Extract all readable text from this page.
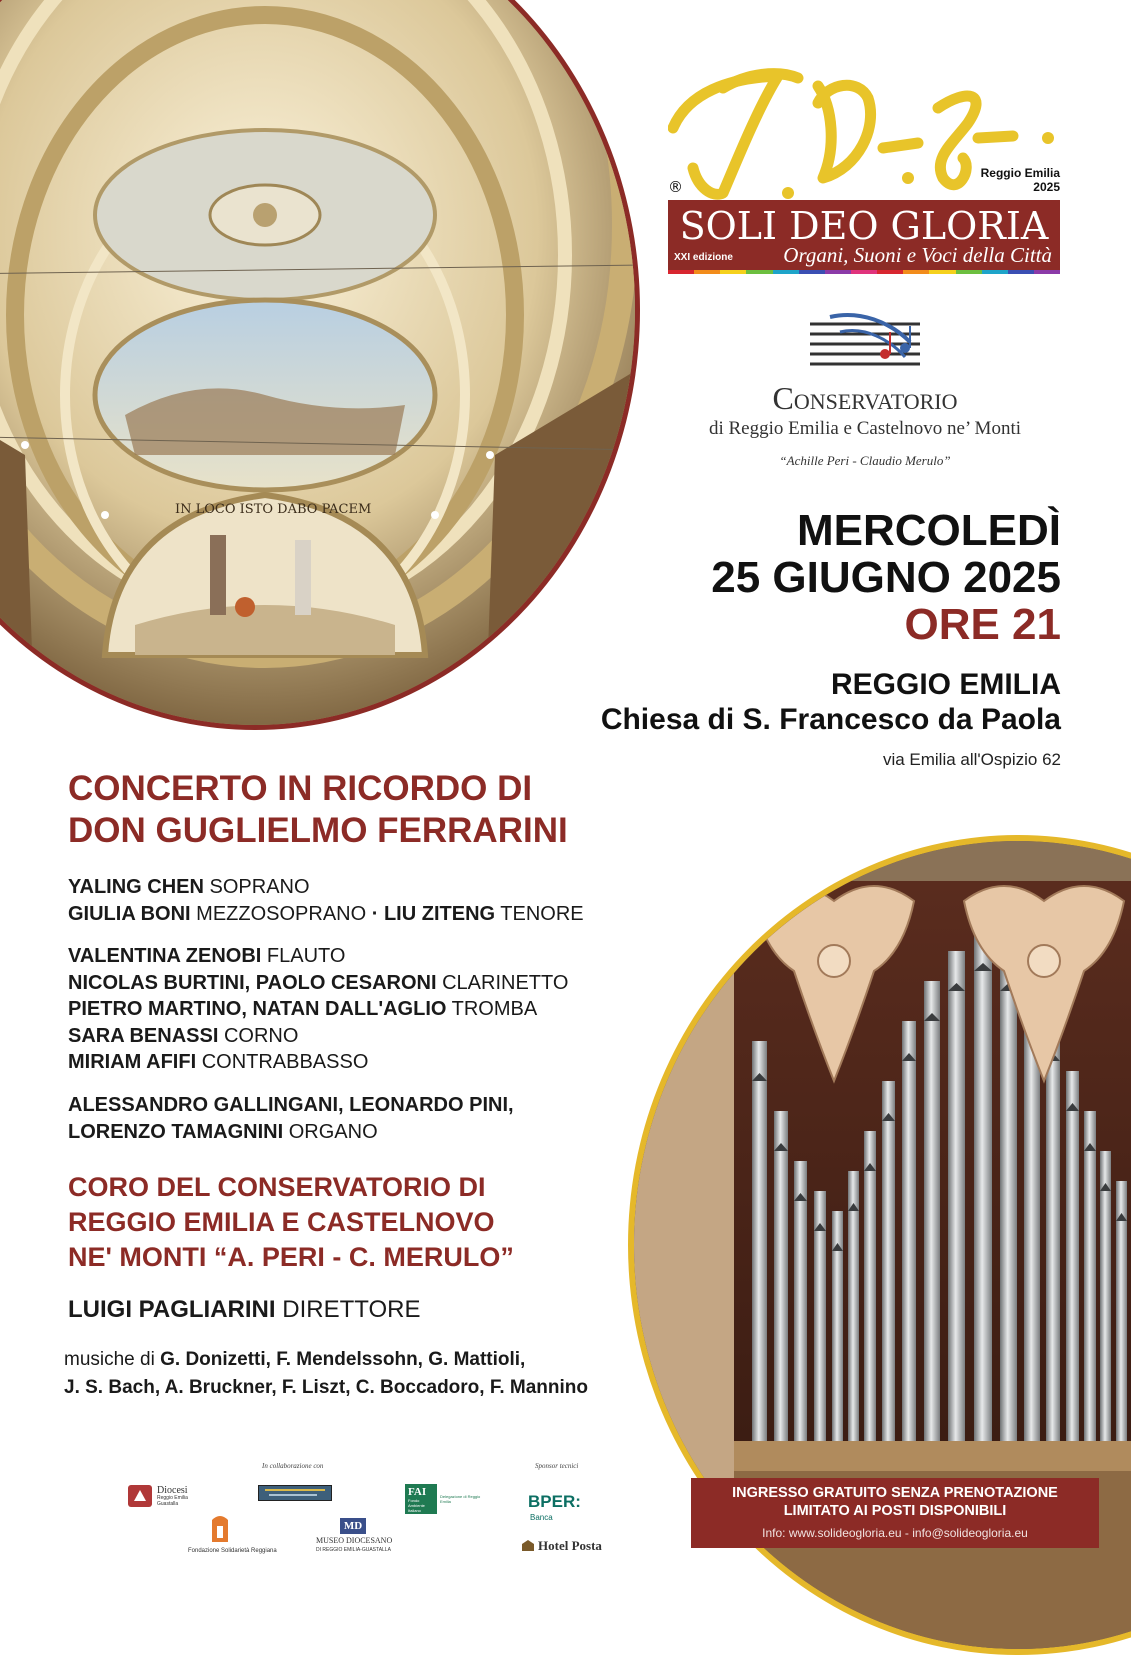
IN LOCO ISTO DABO PACEM
®
Reggio Emilia
2025
SOLI DEO GLORIA
XXI edizione Organi, Suoni e Voci della Città
Conservatorio
di Reggio Emilia e Castelnovo ne’ Monti
“Achille Peri - Claudio Merulo”
MERCOLEDÌ
25 GIUGNO 2025
ORE 21
REGGIO EMILIA
Chiesa di S. Francesco da Paola
via Emilia all'Ospizio 62
CONCERTO IN RICORDO DI
DON GUGLIELMO FERRARINI
YALING CHEN SOPRANO
GIULIA BONI MEZZOSOPRANO · LIU ZITENG TENORE
VALENTINA ZENOBI FLAUTO
NICOLAS BURTINI, PAOLO CESARONI CLARINETTO
PIETRO MARTINO, NATAN DALL'AGLIO TROMBA
SARA BENASSI CORNO
MIRIAM AFIFI CONTRABBASSO
ALESSANDRO GALLINGANI, LEONARDO PINI,
LORENZO TAMAGNINI ORGANO
CORO DEL CONSERVATORIO DI
REGGIO EMILIA E CASTELNOVO
NE' MONTI “A. PERI - C. MERULO”
LUIGI PAGLIARINI DIRETTORE
musiche di G. Donizetti, F. Mendelssohn, G. Mattioli,
J. S. Bach, A. Bruckner, F. Liszt, C. Boccadoro, F. Mannino
In collaborazione con	Sponsor tecnici
Diocesi
Reggio Emilia Guastalla
Fondazione Solidarietà Reggiana
MD
MUSEO DIOCESANO
DI REGGIO EMILIA-GUASTALLA
FAI
Fondo Ambiente Italiano
Delegazione di Reggio Emilia	BPER:
Banca
Hotel Posta
INGRESSO GRATUITO SENZA PRENOTAZIONE
LIMITATO AI POSTI DISPONIBILI
Info: www.solideogloria.eu - info@solideogloria.eu
